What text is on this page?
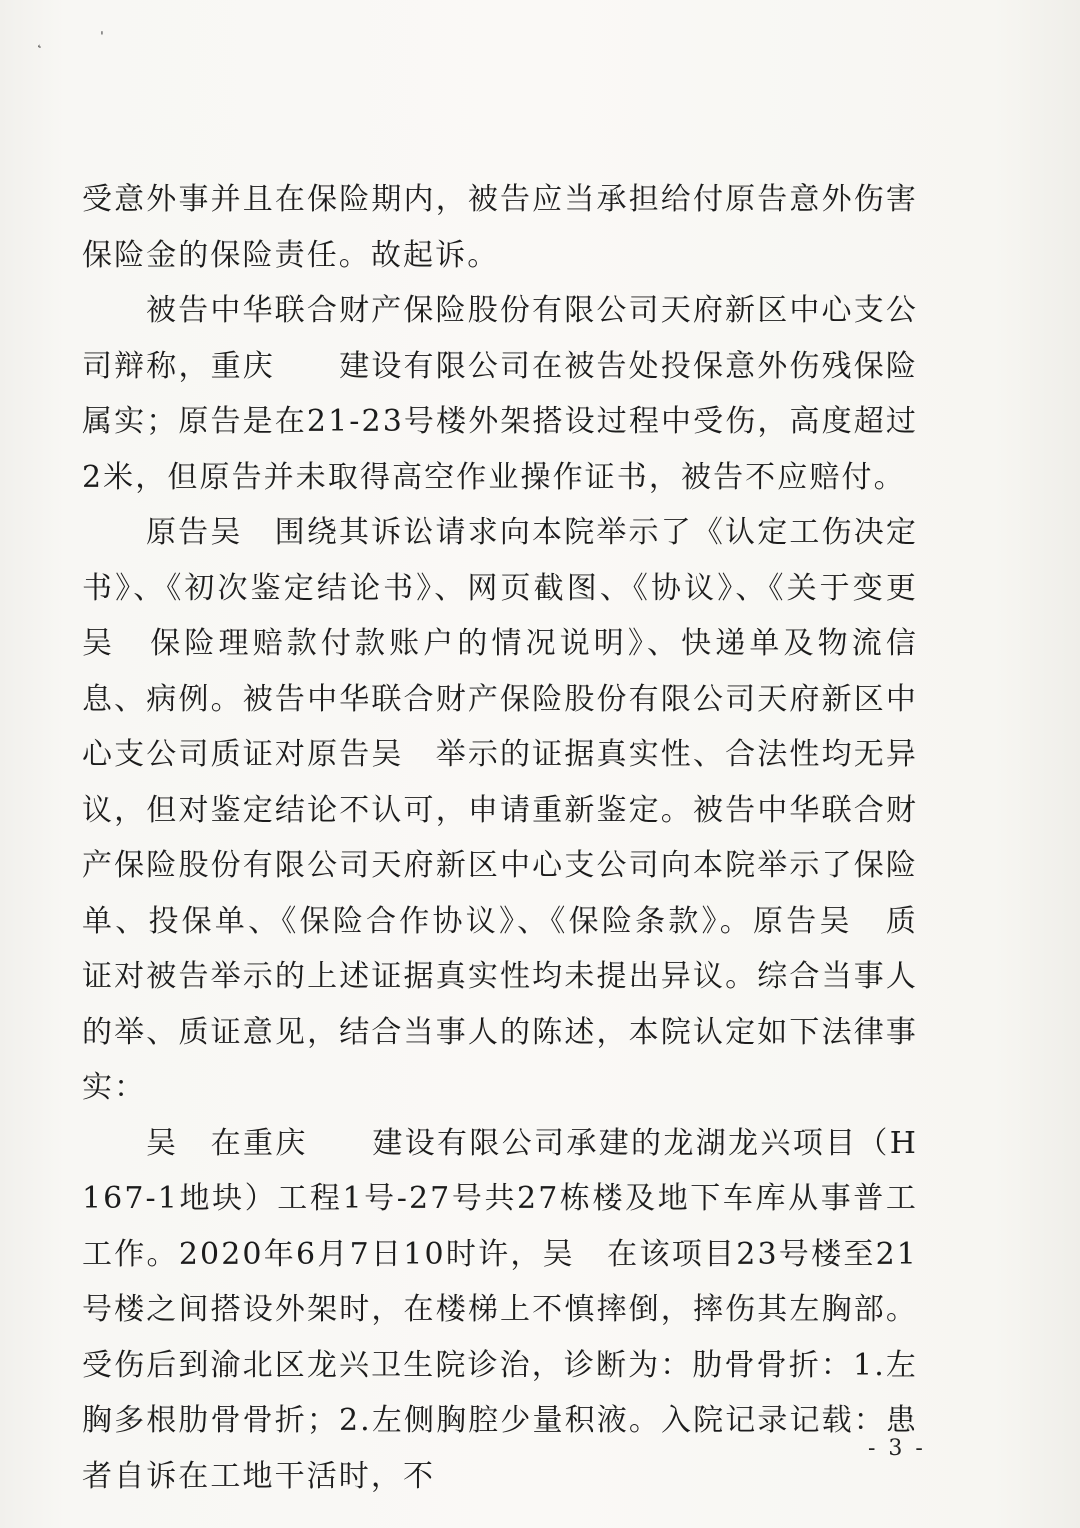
˛
ˌ

受意外事并且在保险期内，被告应当承担给付原告意外伤害保险金的保险责任。故起诉。

被告中华联合财产保险股份有限公司天府新区中心支公司辩称，重庆　　建设有限公司在被告处投保意外伤残保险属实；原告是在21-23号楼外架搭设过程中受伤，高度超过2米，但原告并未取得高空作业操作证书，被告不应赔付。

原告吴　围绕其诉讼请求向本院举示了《认定工伤决定书》、《初次鉴定结论书》、网页截图、《协议》、《关于变更吴　保险理赔款付款账户的情况说明》、快递单及物流信息、病例。被告中华联合财产保险股份有限公司天府新区中心支公司质证对原告吴　举示的证据真实性、合法性均无异议，但对鉴定结论不认可，申请重新鉴定。被告中华联合财产保险股份有限公司天府新区中心支公司向本院举示了保险单、投保单、《保险合作协议》、《保险条款》。原告吴　质证对被告举示的上述证据真实性均未提出异议。综合当事人的举、质证意见，结合当事人的陈述，本院认定如下法律事实：

吴　在重庆　　建设有限公司承建的龙湖龙兴项目（H167-1地块）工程1号-27号共27栋楼及地下车库从事普工工作。2020年6月7日10时许，吴　在该项目23号楼至21号楼之间搭设外架时，在楼梯上不慎摔倒，摔伤其左胸部。受伤后到渝北区龙兴卫生院诊治，诊断为：肋骨骨折：1.左胸多根肋骨骨折；2.左侧胸腔少量积液。入院记录记载：患者自诉在工地干活时，不

- 3 -
